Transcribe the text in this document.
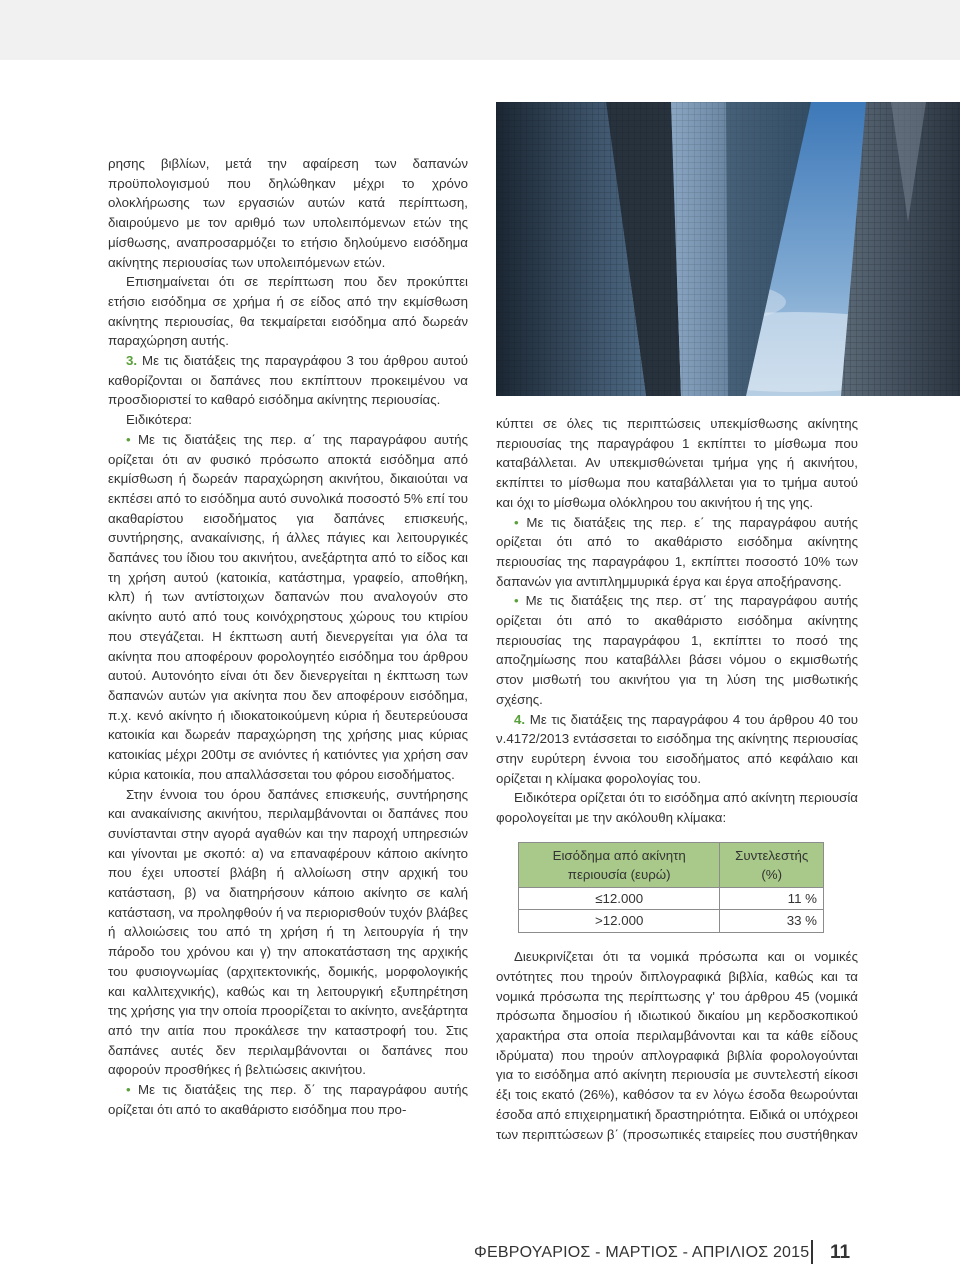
ρησης βιβλίων, μετά την αφαίρεση των δαπανών προϋπολογισμού που δηλώθηκαν μέχρι το χρόνο ολοκλήρωσης των εργασιών αυτών κατά περίπτωση, διαιρούμενο με τον αριθμό των υπολειπόμενων ετών της μίσθωσης, αναπροσαρμόζει το ετήσιο δηλούμενο εισόδημα ακίνητης περιουσίας των υπολειπόμενων ετών.

Επισημαίνεται ότι σε περίπτωση που δεν προκύπτει ετήσιο εισόδημα σε χρήμα ή σε είδος από την εκμίσθωση ακίνητης περιουσίας, θα τεκμαίρεται εισόδημα από δωρεάν παραχώρηση αυτής.

3. Με τις διατάξεις της παραγράφου 3 του άρθρου αυτού καθορίζονται οι δαπάνες που εκπίπτουν προκειμένου να προσδιοριστεί το καθαρό εισόδημα ακίνητης περιουσίας.

Ειδικότερα:

• Με τις διατάξεις της περ. α΄ της παραγράφου αυτής ορίζεται ότι αν φυσικό πρόσωπο αποκτά εισόδημα από εκμίσθωση ή δωρεάν παραχώρηση ακινήτου, δικαιούται να εκπέσει από το εισόδημα αυτό συνολικά ποσοστό 5% επί του ακαθαρίστου εισοδήματος για δαπάνες επισκευής, συντήρησης, ανακαίνισης, ή άλλες πάγιες και λειτουργικές δαπάνες του ίδιου του ακινήτου, ανεξάρτητα από το είδος και τη χρήση αυτού (κατοικία, κατάστημα, γραφείο, αποθήκη, κλπ) ή των αντίστοιχων δαπανών που αναλογούν στο ακίνητο αυτό από τους κοινόχρηστους χώρους του κτιρίου που στεγάζεται. Η έκπτωση αυτή διενεργείται για όλα τα ακίνητα που αποφέρουν φορολογητέο εισόδημα του άρθρου αυτού. Αυτονόητο είναι ότι δεν διενεργείται η έκπτωση των δαπανών αυτών για ακίνητα που δεν αποφέρουν εισόδημα, π.χ. κενό ακίνητο ή ιδιοκατοικούμενη κύρια ή δευτερεύουσα κατοικία και δωρεάν παραχώρηση της χρήσης μιας κύριας κατοικίας μέχρι 200τμ σε ανιόντες ή κατιόντες για χρήση σαν κύρια κατοικία, που απαλλάσσεται του φόρου εισοδήματος.

Στην έννοια του όρου δαπάνες επισκευής, συντήρησης και ανακαίνισης ακινήτου, περιλαμβάνονται οι δαπάνες που συνίστανται στην αγορά αγαθών και την παροχή υπηρεσιών και γίνονται με σκοπό: α) να επαναφέρουν κάποιο ακίνητο που έχει υποστεί βλάβη ή αλλοίωση στην αρχική του κατάσταση, β) να διατηρήσουν κάποιο ακίνητο σε καλή κατάσταση, να προληφθούν ή να περιορισθούν τυχόν βλάβες ή αλλοιώσεις του από τη χρήση ή τη λειτουργία ή την πάροδο του χρόνου και γ) την αποκατάσταση της αρχικής του φυσιογνωμίας (αρχιτεκτονικής, δομικής, μορφολογικής και καλλιτεχνικής), καθώς και τη λειτουργική εξυπηρέτηση της χρήσης για την οποία προορίζεται το ακίνητο, ανεξάρτητα από την αιτία που προκάλεσε την καταστροφή του. Στις δαπάνες αυτές δεν περιλαμβάνονται οι δαπάνες που αφορούν προσθήκες ή βελτιώσεις ακινήτου.

• Με τις διατάξεις της περ. δ΄ της παραγράφου αυτής ορίζεται ότι από το ακαθάριστο εισόδημα που προ-

κύπτει σε όλες τις περιπτώσεις υπεκμίσθωσης ακίνητης περιουσίας της παραγράφου 1 εκπίπτει το μίσθωμα που καταβάλλεται. Αν υπεκμισθώνεται τμήμα γης ή ακινήτου, εκπίπτει το μίσθωμα που καταβάλλεται για το τμήμα αυτού και όχι το μίσθωμα ολόκληρου του ακινήτου ή της γης.

• Με τις διατάξεις της περ. ε΄ της παραγράφου αυτής ορίζεται ότι από το ακαθάριστο εισόδημα ακίνητης περιουσίας της παραγράφου 1, εκπίπτει ποσοστό 10% των δαπανών για αντιπλημμυρικά έργα και έργα αποξήρανσης.

• Με τις διατάξεις της περ. στ΄ της παραγράφου αυτής ορίζεται ότι από το ακαθάριστο εισόδημα ακίνητης περιουσίας της παραγράφου 1, εκπίπτει το ποσό της αποζημίωσης που καταβάλλει βάσει νόμου ο εκμισθωτής στον μισθωτή του ακινήτου για τη λύση της μισθωτικής σχέσης.

4. Με τις διατάξεις της παραγράφου 4 του άρθρου 40 του ν.4172/2013 εντάσσεται το εισόδημα της ακίνητης περιουσίας στην ευρύτερη έννοια του εισοδήματος από κεφάλαιο και ορίζεται η κλίμακα φορολογίας του.

Ειδικότερα ορίζεται ότι το εισόδημα από ακίνητη περιουσία φορολογείται με την ακόλουθη κλίμακα:

Εισόδημα από ακίνητη περιουσία (ευρώ)	Συντελεστής (%)
≤12.000	11 %
>12.000	33 %

Διευκρινίζεται ότι τα νομικά πρόσωπα και οι νομικές οντότητες που τηρούν διπλογραφικά βιβλία, καθώς και τα νομικά πρόσωπα της περίπτωσης γ' του άρθρου 45 (νομικά πρόσωπα δημοσίου ή ιδιωτικού δικαίου μη κερδοσκοπικού χαρακτήρα στα οποία περιλαμβάνονται και τα κάθε είδους ιδρύματα) που τηρούν απλογραφικά βιβλία φορολογούνται για το εισόδημα από ακίνητη περιουσία με συντελεστή είκοσι έξι τοις εκατό (26%), καθόσον τα εν λόγω έσοδα θεωρούνται έσοδα από επιχειρηματική δραστηριότητα. Ειδικά οι υπόχρεοι των περιπτώσεων β΄ (προσωπικές εταιρείες που συστήθηκαν

ΦΕΒΡΟΥΑΡΙΟΣ - ΜΑΡΤΙΟΣ - ΑΠΡΙΛΙΟΣ 2015 11
